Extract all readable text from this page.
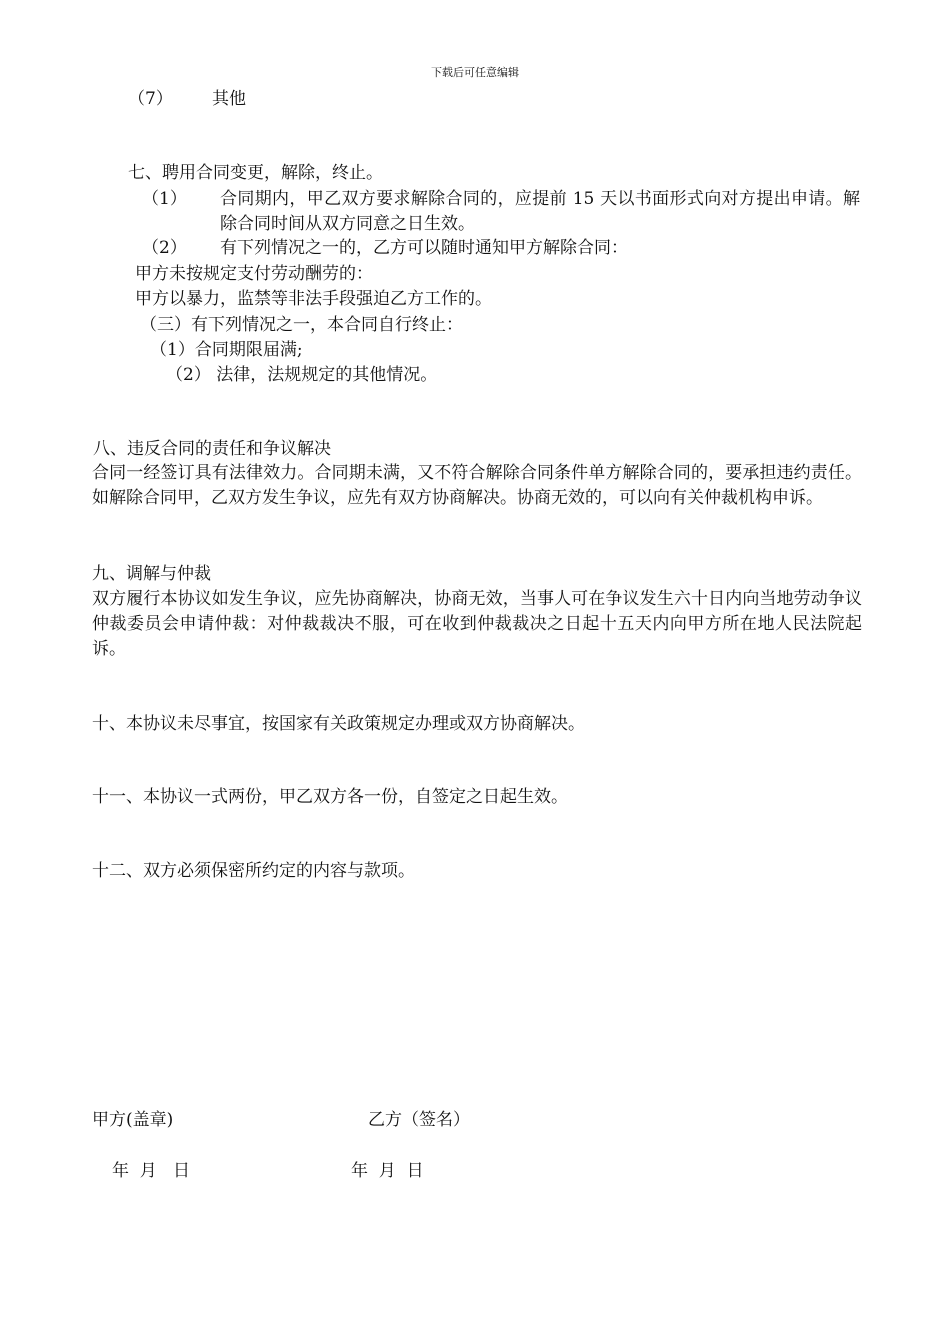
下载后可任意编辑
（7） 其他
七、聘用合同变更，解除，终止。
（1） 合同期内，甲乙双方要求解除合同的，应提前 15 天以书面形式向对方提出申请。解除合同时间从双方同意之日生效。
（2） 有下列情况之一的，乙方可以随时通知甲方解除合同：
甲方未按规定支付劳动酬劳的：
甲方以暴力，监禁等非法手段强迫乙方工作的。
（三）有下列情况之一，本合同自行终止：
（1）合同期限届满;
（2） 法律，法规规定的其他情况。
八、违反合同的责任和争议解决
合同一经签订具有法律效力。合同期未满，又不符合解除合同条件单方解除合同的，要承担违约责任。如解除合同甲，乙双方发生争议，应先有双方协商解决。协商无效的，可以向有关仲裁机构申诉。
九、调解与仲裁
双方履行本协议如发生争议，应先协商解决，协商无效，当事人可在争议发生六十日内向当地劳动争议仲裁委员会申请仲裁：对仲裁裁决不服，可在收到仲裁裁决之日起十五天内向甲方所在地人民法院起诉。
十、本协议未尽事宜，按国家有关政策规定办理或双方协商解决。
十一、本协议一式两份，甲乙双方各一份，自签定之日起生效。
十二、双方必须保密所约定的内容与款项。
甲方(盖章)	乙方（签名）
年  月   日	年  月  日
